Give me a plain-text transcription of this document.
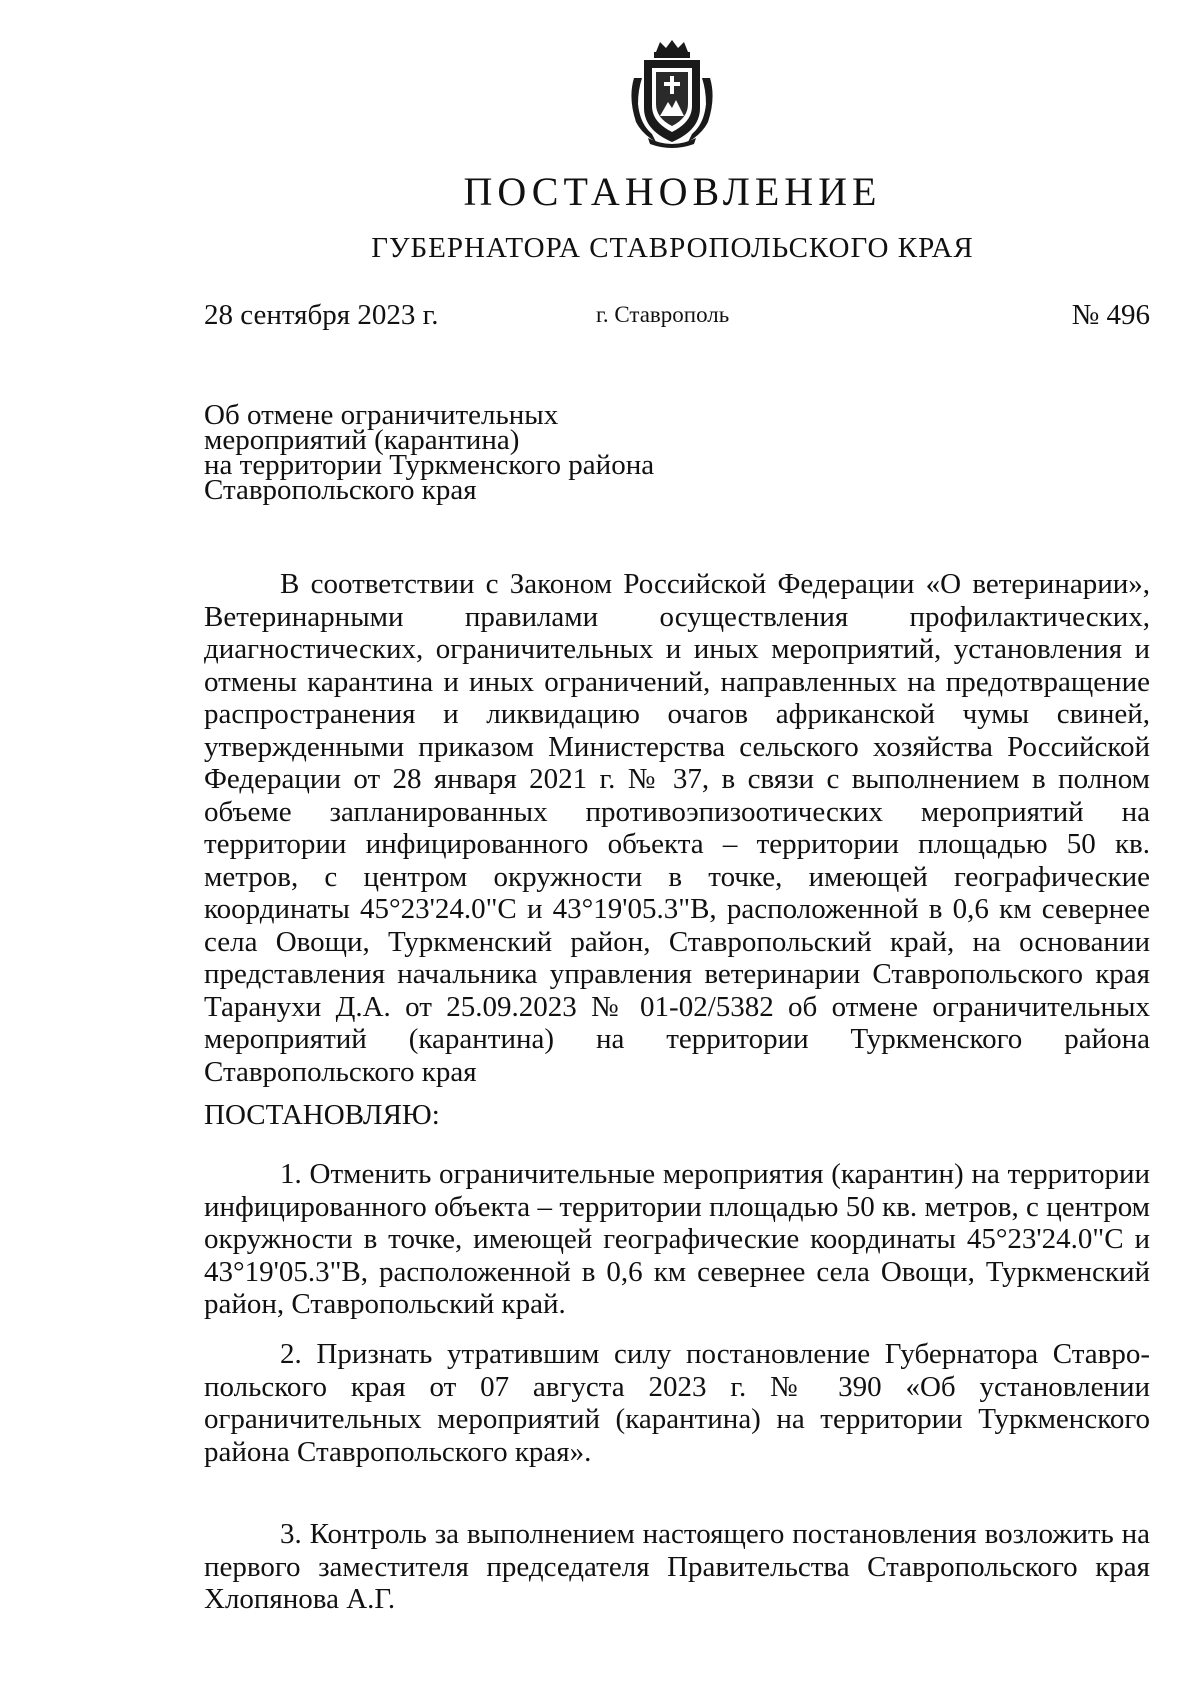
ПОСТАНОВЛЕНИЕ
ГУБЕРНАТОРА СТАВРОПОЛЬСКОГО КРАЯ
28 сентября 2023 г.	г. Ставрополь	№ 496
Об отмене ограничительных
мероприятий (карантина)
на территории Туркменского района
Ставропольского края

В соответствии с Законом Российской Федерации «О ветеринарии», Ветеринарными правилами осуществления профилактических, диагностических, ограничительных и иных мероприятий, установления и отмены карантина и иных ограничений, направленных на предотвращение распространения и ликвидацию очагов африканской чумы свиней, утвержденными приказом Министерства сельского хозяйства Российской Федерации от 28 января 2021 г. № 37, в связи с выполнением в полном объеме запланированных противоэпизоотических мероприятий на территории инфицированного объекта – территории площадью 50 кв. метров, с центром окружности в точке, имеющей географические координаты 45°23'24.0"С и 43°19'05.3"В, расположенной в 0,6 км севернее села Овощи, Туркменский район, Ставропольский край, на основании представления начальника управления ветеринарии Ставропольского края Таранухи Д.А. от 25.09.2023 № 01-02/5382 об отмене ограничительных мероприятий (карантина) на территории Туркменского района Ставропольского края

ПОСТАНОВЛЯЮ:

1. Отменить ограничительные мероприятия (карантин) на территории инфицированного объекта – территории площадью 50 кв. метров, с центром окружности в точке, имеющей географические координаты 45°23'24.0"С и 43°19'05.3"В, расположенной в 0,6 км севернее села Овощи, Туркменский район, Ставропольский край.

2. Признать утратившим силу постановление Губернатора Ставропольского края от 07 августа 2023 г. № 390 «Об установлении ограничительных мероприятий (карантина) на территории Туркменского района Ставропольского края».

3. Контроль за выполнением настоящего постановления возложить на первого заместителя председателя Правительства Ставропольского края Хлопянова А.Г.
